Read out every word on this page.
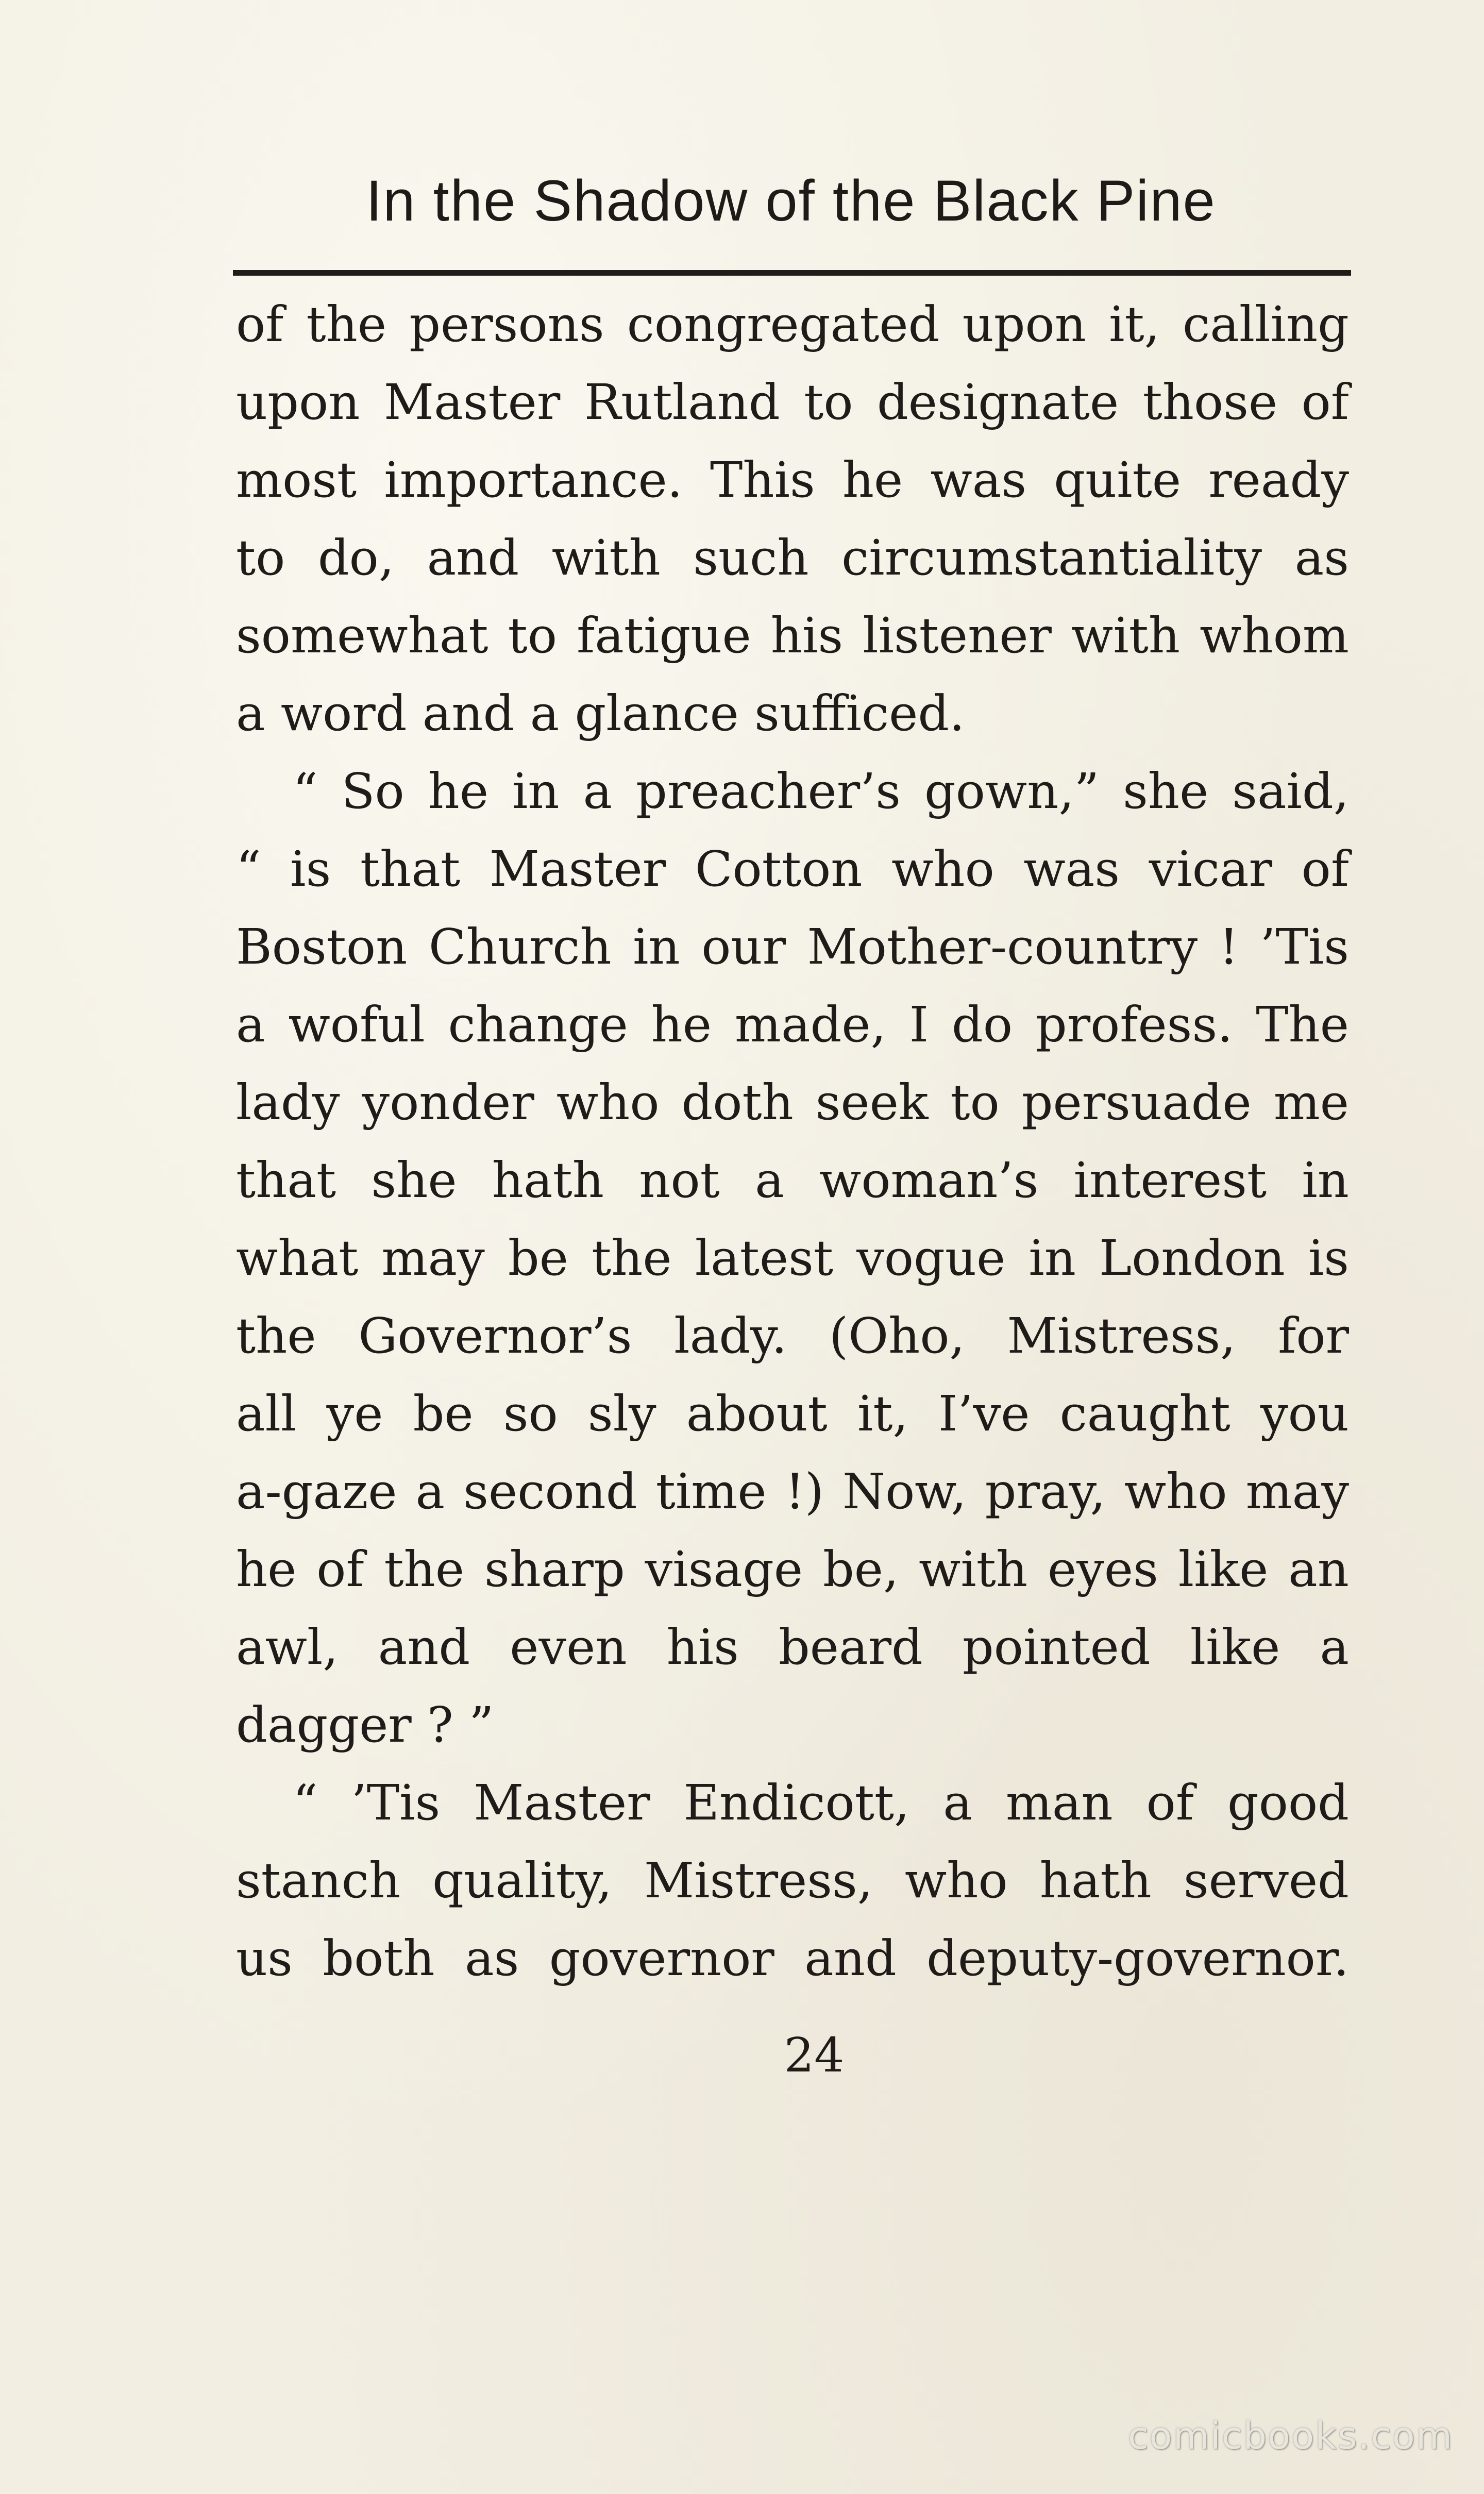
In the Shadow of the Black Pine
of the persons congregated upon it, calling
upon Master Rutland to designate those of
most importance. This he was quite ready
to do, and with such circumstantiality as
somewhat to fatigue his listener with whom
a word and a glance sufficed.
“ So he in a preacher’s gown,” she said,
“ is that Master Cotton who was vicar of
Boston Church in our Mother-country ! ’Tis
a woful change he made, I do profess. The
lady yonder who doth seek to persuade me
that she hath not a woman’s interest in
what may be the latest vogue in London is
the Governor’s lady. (Oho, Mistress, for
all ye be so sly about it, I’ve caught you
a-gaze a second time !) Now, pray, who may
he of the sharp visage be, with eyes like an
awl, and even his beard pointed like a
dagger ? ”
“ ’Tis Master Endicott, a man of good
stanch quality, Mistress, who hath served
us both as governor and deputy-governor.
24
comicbooks.com
